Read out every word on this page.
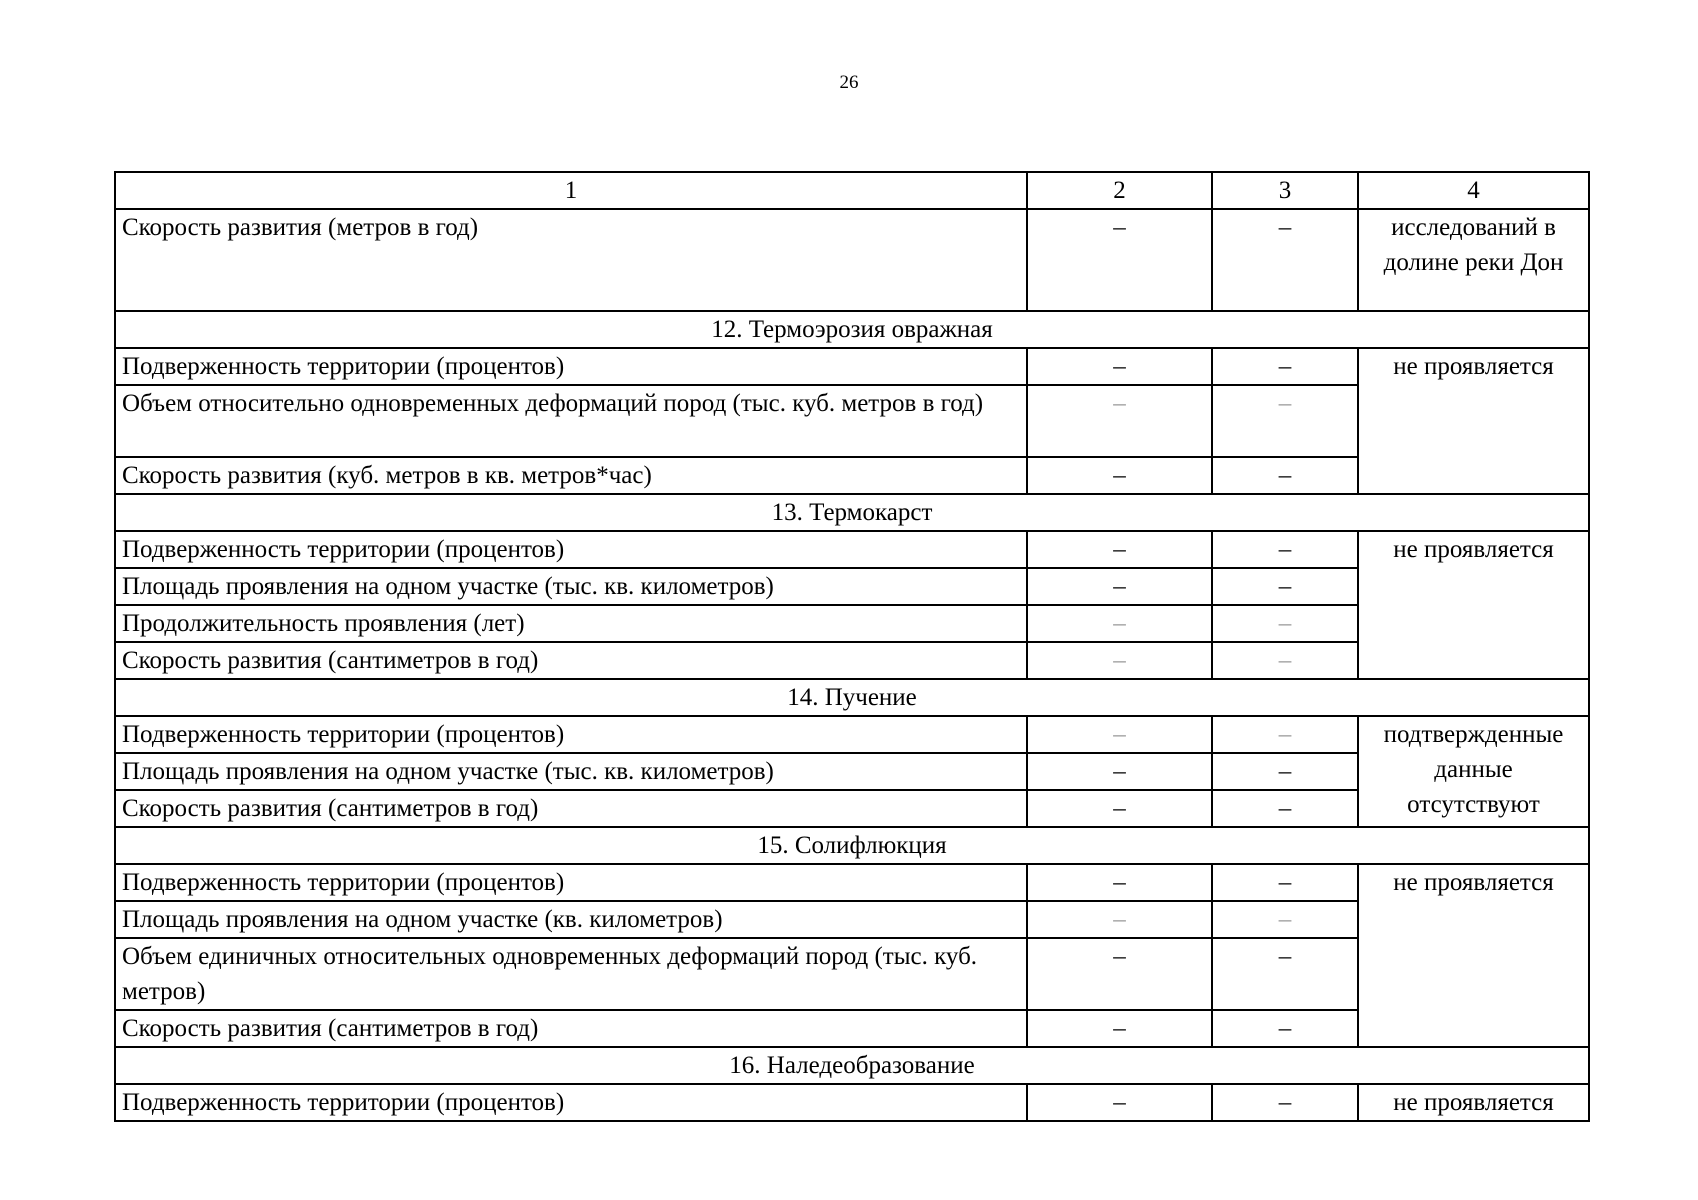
26
1	2	3	4
Скорость развития (метров в год)	–	–	исследований в долине реки Дон
12. Термоэрозия овражная			
Подверженность территории (процентов)	–	–	не проявляется
Объем относительно одновременных деформаций пород (тыс. куб. метров в год)	–	–	
Скорость развития (куб. метров в кв. метров*час)	–	–	
13. Термокарст			
Подверженность территории (процентов)	–	–	не проявляется
Площадь проявления на одном участке (тыс. кв. километров)	–	–	
Продолжительность проявления (лет)	–	–	
Скорость развития (сантиметров в год)	–	–	
14. Пучение			
Подверженность территории (процентов)	–	–	подтвержденные данные отсутствуют
Площадь проявления на одном участке (тыс. кв. километров)	–	–	
Скорость развития (сантиметров в год)	–	–	
15. Солифлюкция			
Подверженность территории (процентов)	–	–	не проявляется
Площадь проявления на одном участке (кв. километров)	–	–	
Объем единичных относительных одновременных деформаций пород (тыс. куб. метров)	–	–	
Скорость развития (сантиметров в год)	–	–	
16. Наледеобразование			
Подверженность территории (процентов)	–	–	не проявляется
